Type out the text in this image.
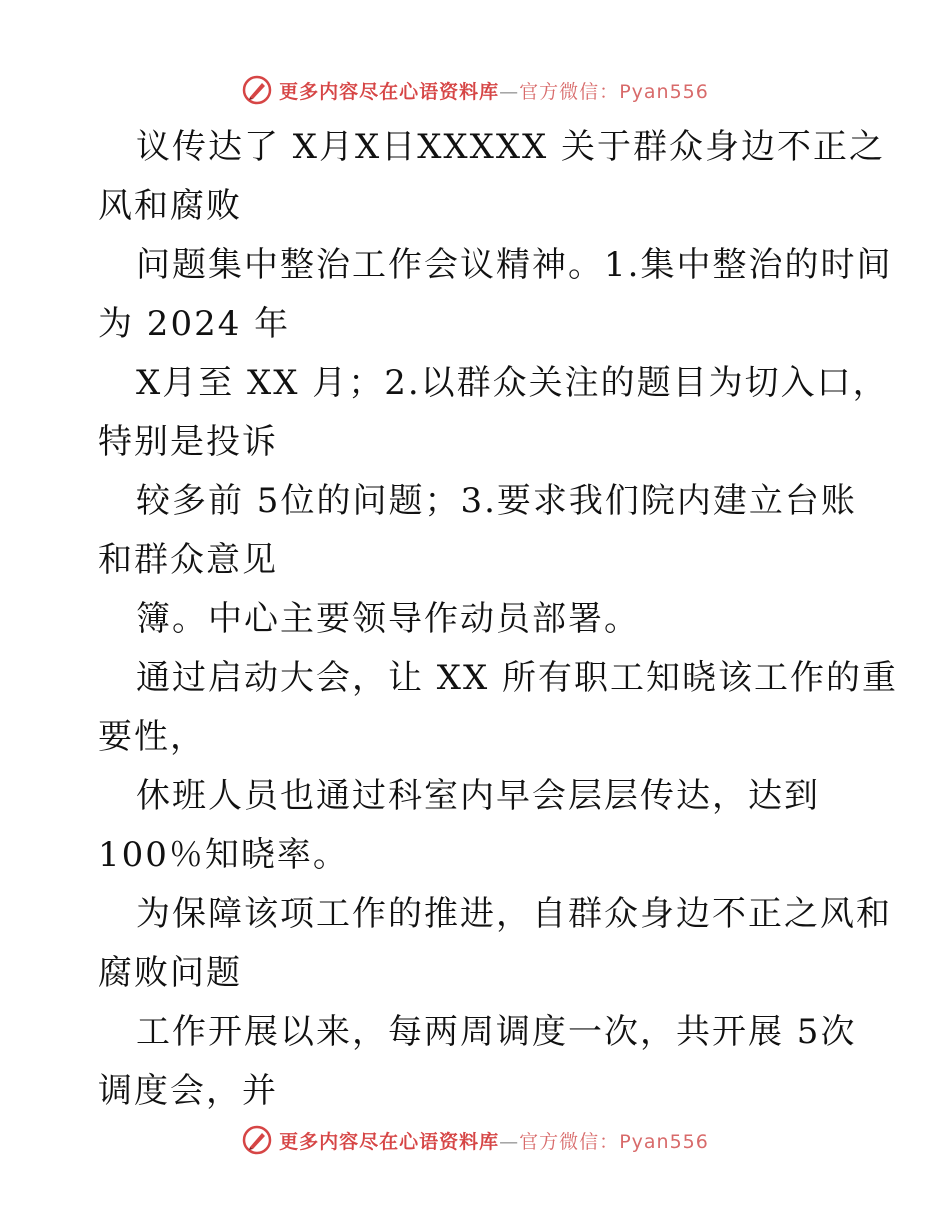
更多内容尽在心语资料库—官方微信：Pyan556
议传达了 X月X日XXXXX 关于群众身边不正之
风和腐败
问题集中整治工作会议精神。1.集中整治的时间
为 2024 年
X月至 XX 月；2.以群众关注的题目为切入口，
特别是投诉
较多前 5位的问题；3.要求我们院内建立台账
和群众意见
簿。中心主要领导作动员部署。
通过启动大会，让 XX 所有职工知晓该工作的重
要性，
休班人员也通过科室内早会层层传达，达到
100％知晓率。
为保障该项工作的推进，自群众身边不正之风和
腐败问题
工作开展以来，每两周调度一次，共开展 5次
调度会，并
更多内容尽在心语资料库—官方微信：Pyan556
